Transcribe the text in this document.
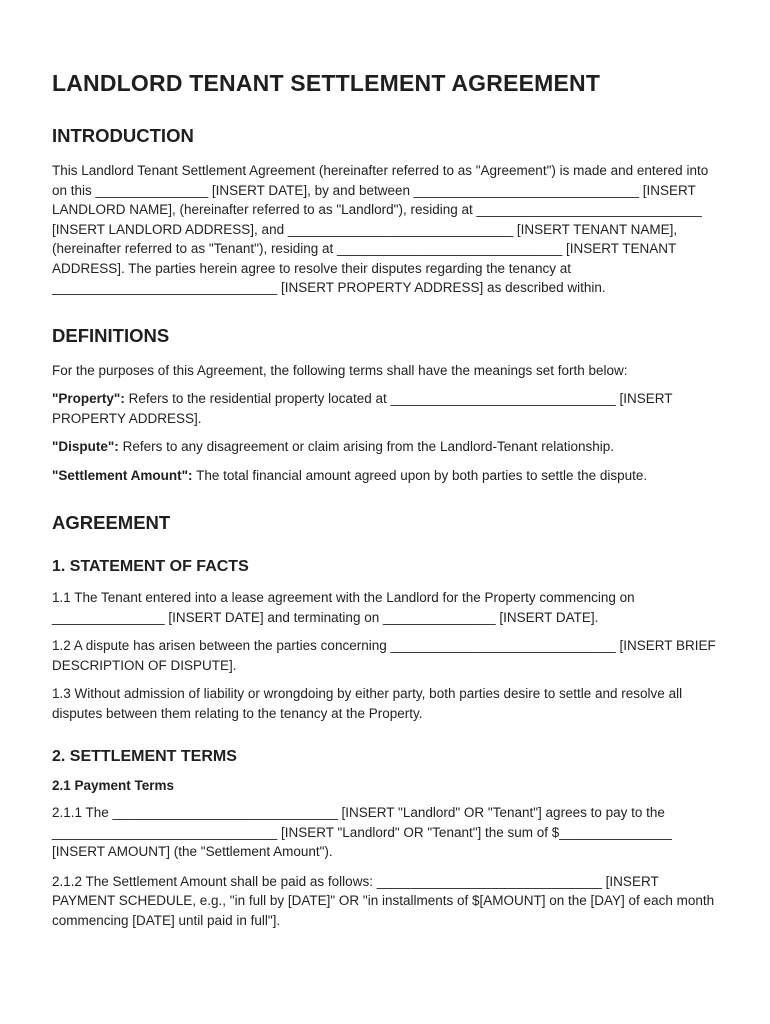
LANDLORD TENANT SETTLEMENT AGREEMENT
INTRODUCTION

This Landlord Tenant Settlement Agreement (hereinafter referred to as "Agreement") is made and entered into on this _______________ [INSERT DATE], by and between ______________________________ [INSERT LANDLORD NAME], (hereinafter referred to as "Landlord"), residing at ______________________________ [INSERT LANDLORD ADDRESS], and ______________________________ [INSERT TENANT NAME], (hereinafter referred to as "Tenant"), residing at ______________________________ [INSERT TENANT ADDRESS]. The parties herein agree to resolve their disputes regarding the tenancy at ______________________________ [INSERT PROPERTY ADDRESS] as described within.

DEFINITIONS

For the purposes of this Agreement, the following terms shall have the meanings set forth below:

"Property": Refers to the residential property located at ______________________________ [INSERT PROPERTY ADDRESS].

"Dispute": Refers to any disagreement or claim arising from the Landlord-Tenant relationship.

"Settlement Amount": The total financial amount agreed upon by both parties to settle the dispute.

AGREEMENT
1. STATEMENT OF FACTS

1.1 The Tenant entered into a lease agreement with the Landlord for the Property commencing on _______________ [INSERT DATE] and terminating on _______________ [INSERT DATE].

1.2 A dispute has arisen between the parties concerning ______________________________ [INSERT BRIEF DESCRIPTION OF DISPUTE].

1.3 Without admission of liability or wrongdoing by either party, both parties desire to settle and resolve all disputes between them relating to the tenancy at the Property.

2. SETTLEMENT TERMS
2.1 Payment Terms

2.1.1 The ______________________________ [INSERT "Landlord" OR "Tenant"] agrees to pay to the ______________________________ [INSERT "Landlord" OR "Tenant"] the sum of $_______________ [INSERT AMOUNT] (the "Settlement Amount").

2.1.2 The Settlement Amount shall be paid as follows: ______________________________ [INSERT PAYMENT SCHEDULE, e.g., "in full by [DATE]" OR "in installments of $[AMOUNT] on the [DAY] of each month commencing [DATE] until paid in full"].
